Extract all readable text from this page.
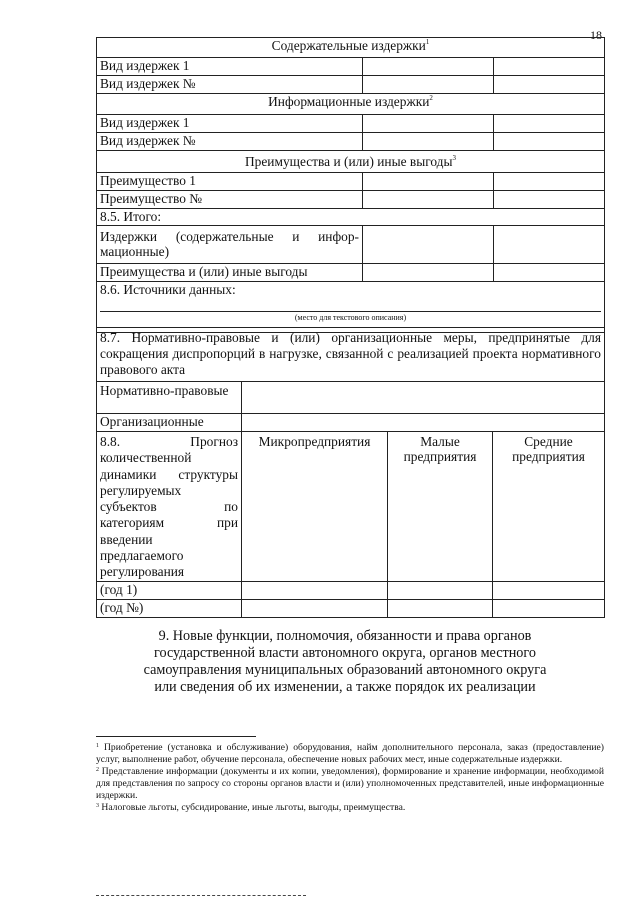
18
Содержательные издержки$^1$
Вид издержек 1		
Вид издержек №		
Информационные издержки$^2$
Вид издержек 1		
Вид издержек №		
Преимущества и (или) иные выгоды$^3$
Преимущество 1		
Преимущество №		
8.5. Итого:		
Издержки (содержательные и инфор-мационные)		
Преимущества и (или) иные выгоды		

8.6. Источники данных:
(место для текстового описания)		
8.7. Нормативно-правовые и (или) организационные меры, предпринятые для сокращения диспропорций в нагрузке, связанной с реализацией проекта нормативного правового акта			
Нормативно-правовые			
Организационные			
8.8. Прогноз количественной динамики структуры регулируемых субъектов по категориям при введении предлагаемого регулирования	Микропредприятия	Малые предприятия	Средние предприятия
(год 1)			
(год №)			
9. Новые функции, полномочия, обязанности и права органов
государственной власти автономного округа, органов местного
самоуправления муниципальных образований автономного округа
или сведения об их изменении, а также порядок их реализации

$^1$ Приобретение (установка и обслуживание) оборудования, найм дополнительного персонала, заказ (предоставление) услуг, выполнение работ, обучение персонала, обеспечение новых рабочих мест, иные содержательные издержки.

$^2$ Представление информации (документы и их копии, уведомления), формирование и хранение информации, необходимой для представления по запросу со стороны органов власти и (или) уполномоченных представителей, иные информационные издержки.

$^3$ Налоговые льготы, субсидирование, иные льготы, выгоды, преимущества.
